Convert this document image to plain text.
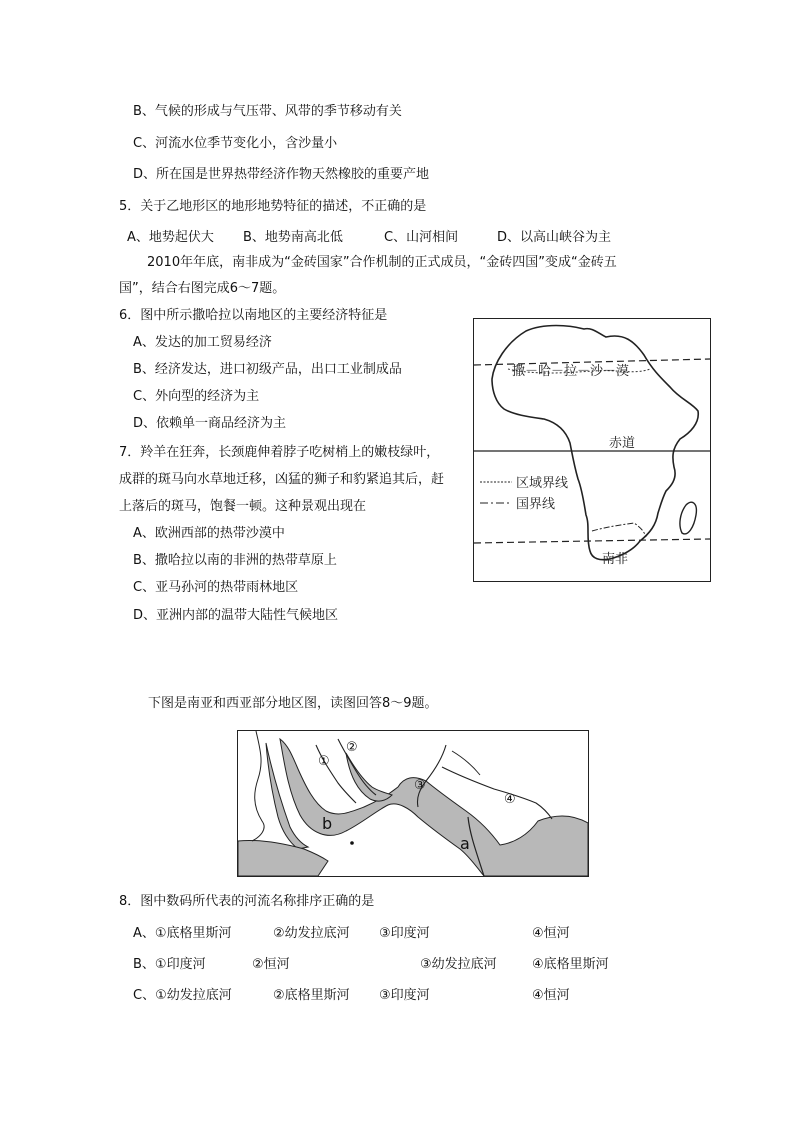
B、气候的形成与气压带、风带的季节移动有关
C、河流水位季节变化小，含沙量小
D、所在国是世界热带经济作物天然橡胶的重要产地
5．关于乙地形区的地形地势特征的描述，不正确的是
A、地势起伏大 B、地势南高北低	C、山河相间	D、以高山峡谷为主
2010年年底，南非成为“金砖国家”合作机制的正式成员，“金砖四国”变成“金砖五
国”，结合右图完成6～7题。
6．图中所示撒哈拉以南地区的主要经济特征是
A、发达的加工贸易经济
B、经济发达，进口初级产品，出口工业制成品
C、外向型的经济为主
D、依赖单一商品经济为主
7．羚羊在狂奔，长颈鹿伸着脖子吃树梢上的嫩枝绿叶，
成群的斑马向水草地迁移，凶猛的狮子和豹紧追其后，赶
上落后的斑马，饱餐一顿。这种景观出现在
A、欧洲西部的热带沙漠中
B、撒哈拉以南的非洲的热带草原上
C、亚马孙河的热带雨林地区
D、亚洲内部的温带大陆性气候地区
撒－哈－拉－沙－漠
赤道
区域界线
国界线
南非
下图是南亚和西亚部分地区图，读图回答8～9题。
①
②
③
④
b
a
8．图中数码所代表的河流名称排序正确的是
A、①底格里斯河	②幼发拉底河 ③印度河	④恒河
B、①印度河	②恒河	③幼发拉底河	④底格里斯河
C、①幼发拉底河	②底格里斯河 ③印度河	④恒河
